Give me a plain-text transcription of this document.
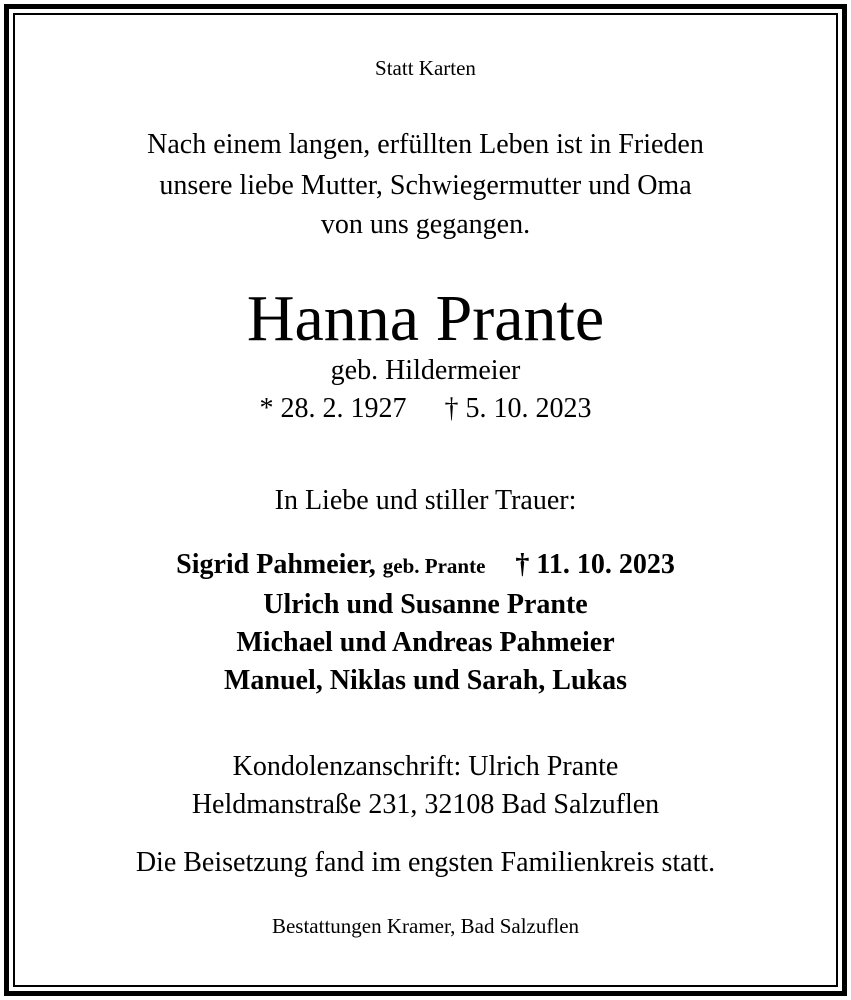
Statt Karten
Nach einem langen, erfüllten Leben ist in Frieden
unsere liebe Mutter, Schwiegermutter und Oma
von uns gegangen.
Hanna Prante
geb. Hildermeier
* 28. 2. 1927 † 5. 10. 2023
In Liebe und stiller Trauer:
Sigrid Pahmeier, geb. Prante † 11. 10. 2023
Ulrich und Susanne Prante
Michael und Andreas Pahmeier
Manuel, Niklas und Sarah, Lukas
Kondolenzanschrift: Ulrich Prante
Heldmanstraße 231, 32108 Bad Salzuflen
Die Beisetzung fand im engsten Familienkreis statt.
Bestattungen Kramer, Bad Salzuflen
